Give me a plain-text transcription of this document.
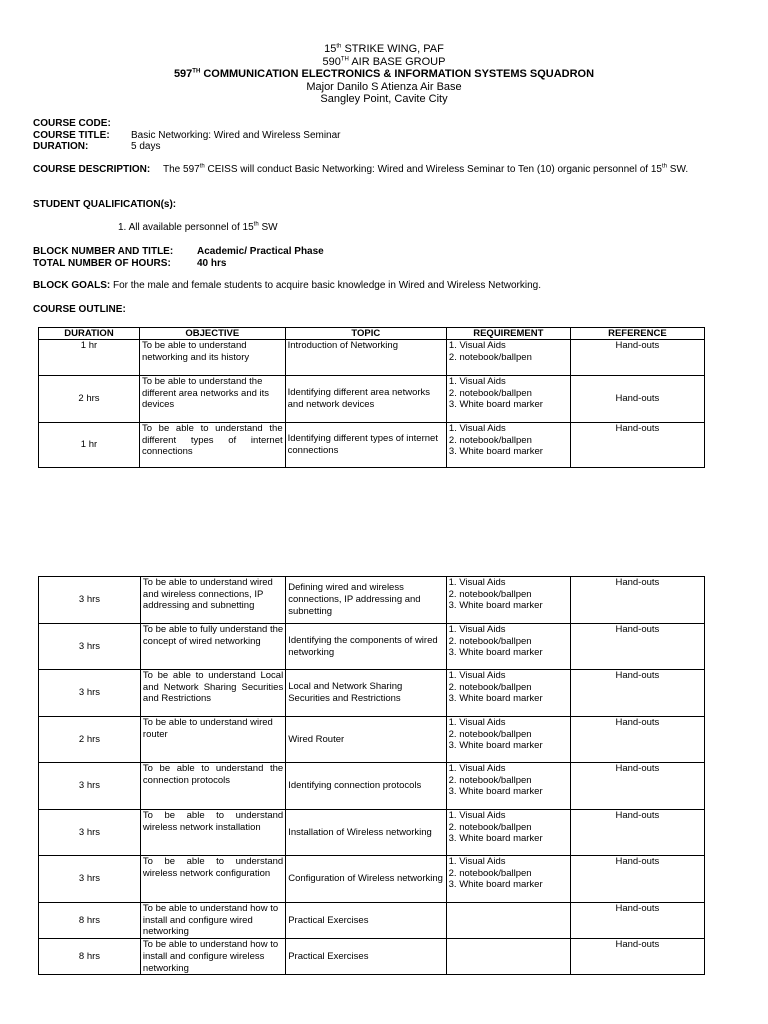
15th STRIKE WING, PAF
590TH AIR BASE GROUP
597TH COMMUNICATION ELECTRONICS & INFORMATION SYSTEMS SQUADRON
Major Danilo S Atienza Air Base
Sangley Point, Cavite City
COURSE CODE:
COURSE TITLE: Basic Networking: Wired and Wireless Seminar
DURATION:	5 days
COURSE DESCRIPTION: The 597th CEISS will conduct Basic Networking: Wired and Wireless Seminar to Ten (10) organic personnel of 15th SW.
STUDENT QUALIFICATION(s):
1. All available personnel of 15th SW
BLOCK NUMBER AND TITLE: Academic/ Practical Phase
TOTAL NUMBER OF HOURS:	40 hrs
BLOCK GOALS: For the male and female students to acquire basic knowledge in Wired and Wireless Networking.
COURSE OUTLINE:
DURATION	OBJECTIVE	TOPIC	REQUIREMENT	REFERENCE
1 hr	To be able to understand networking and its history	Introduction of Networking	1. Visual Aids
2. notebook/ballpen	Hand-outs
2 hrs	To be able to understand the different area networks and its devices	Identifying different area networks and network devices	1. Visual Aids
2. notebook/ballpen
3. White board marker	Hand-outs
1 hr	To be able to understand the different types of internet connections	Identifying different types of internet connections	1. Visual Aids
2. notebook/ballpen
3. White board marker	Hand-outs
3 hrs	To be able to understand wired and wireless connections, IP addressing and subnetting	Defining wired and wireless connections, IP addressing and subnetting	1. Visual Aids
2. notebook/ballpen
3. White board marker	Hand-outs
3 hrs	To be able to fully understand the concept of wired networking	Identifying the components of wired networking	1. Visual Aids
2. notebook/ballpen
3. White board marker	Hand-outs
3 hrs	To be able to understand Local and Network Sharing Securities and Restrictions	Local and Network Sharing Securities and Restrictions	1. Visual Aids
2. notebook/ballpen
3. White board marker	Hand-outs
2 hrs	To be able to understand wired router	Wired Router	1. Visual Aids
2. notebook/ballpen
3. White board marker	Hand-outs
3 hrs	To be able to understand the connection protocols	Identifying connection protocols	1. Visual Aids
2. notebook/ballpen
3. White board marker	Hand-outs
3 hrs	To be able to understand wireless network installation	Installation of Wireless networking	1. Visual Aids
2. notebook/ballpen
3. White board marker	Hand-outs
3 hrs	To be able to understand wireless network configuration	Configuration of Wireless networking	1. Visual Aids
2. notebook/ballpen
3. White board marker	Hand-outs
8 hrs	To be able to understand how to install and configure wired networking	Practical Exercises		Hand-outs
8 hrs	To be able to understand how to install and configure wireless networking	Practical Exercises		Hand-outs
